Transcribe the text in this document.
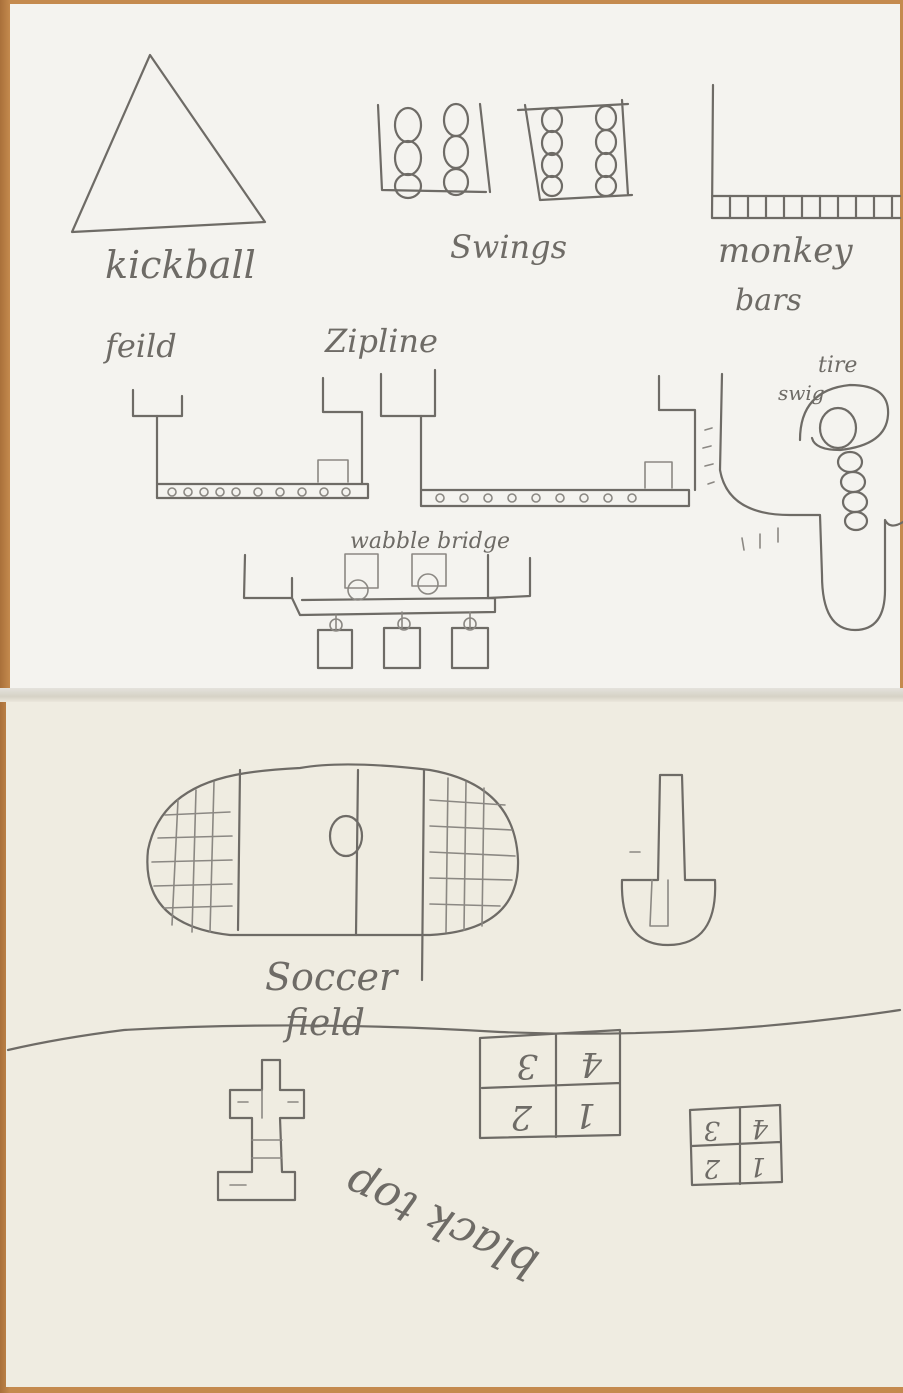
kickball	Swings	monkey
bars
feild	Zipline
tire
swig
wabble bridge
Soccer
field
3 4
2 1	3 4
2 1
black top
